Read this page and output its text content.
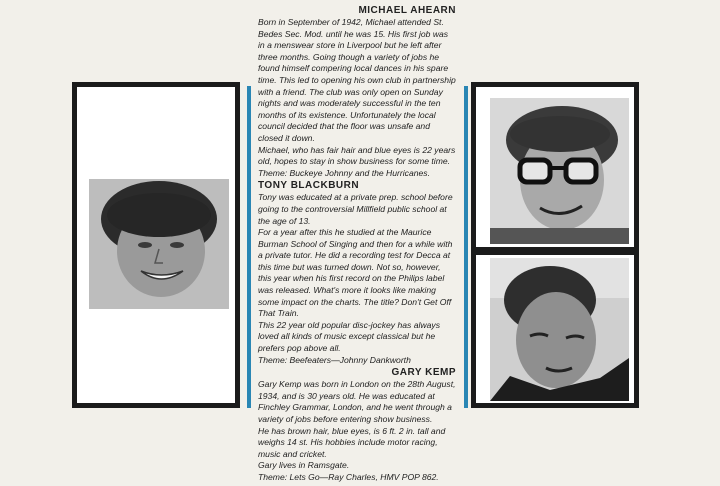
MICHAEL AHEARN

Born in September of 1942, Michael attended St. Bedes Sec. Mod. until he was 15. His first job was in a menswear store in Liverpool but he left after three months. Going though a variety of jobs he found himself compering local dances in his spare time. This led to opening his own club in partnership with a friend. The club was only open on Sunday nights and was moderately successful in the ten months of its existence. Unfortunately the local council decided that the floor was unsafe and closed it down.

Michael, who has fair hair and blue eyes is 22 years old, hopes to stay in show business for some time.

Theme: Buckeye Johnny and the Hurricanes.

TONY BLACKBURN

Tony was educated at a private prep. school before going to the controversial Millfield public school at the age of 13.

For a year after this he studied at the Maurice Burman School of Singing and then for a while with a private tutor. He did a recording test for Decca at this time but was turned down. Not so, however, this year when his first record on the Philips label was released. What's more it looks like making some impact on the charts. The title? Don't Get Off That Train.

This 22 year old popular disc-jockey has always loved all kinds of music except classical but he prefers pop above all.

Theme: Beefeaters—Johnny Dankworth

GARY KEMP

Gary Kemp was born in London on the 28th August, 1934, and is 30 years old. He was educated at Finchley Grammar, London, and he went through a variety of jobs before entering show business.

He has brown hair, blue eyes, is 6 ft. 2 in. tall and weighs 14 st. His hobbies include motor racing, music and cricket.

Gary lives in Ramsgate.

Theme: Lets Go—Ray Charles, HMV POP 862.
